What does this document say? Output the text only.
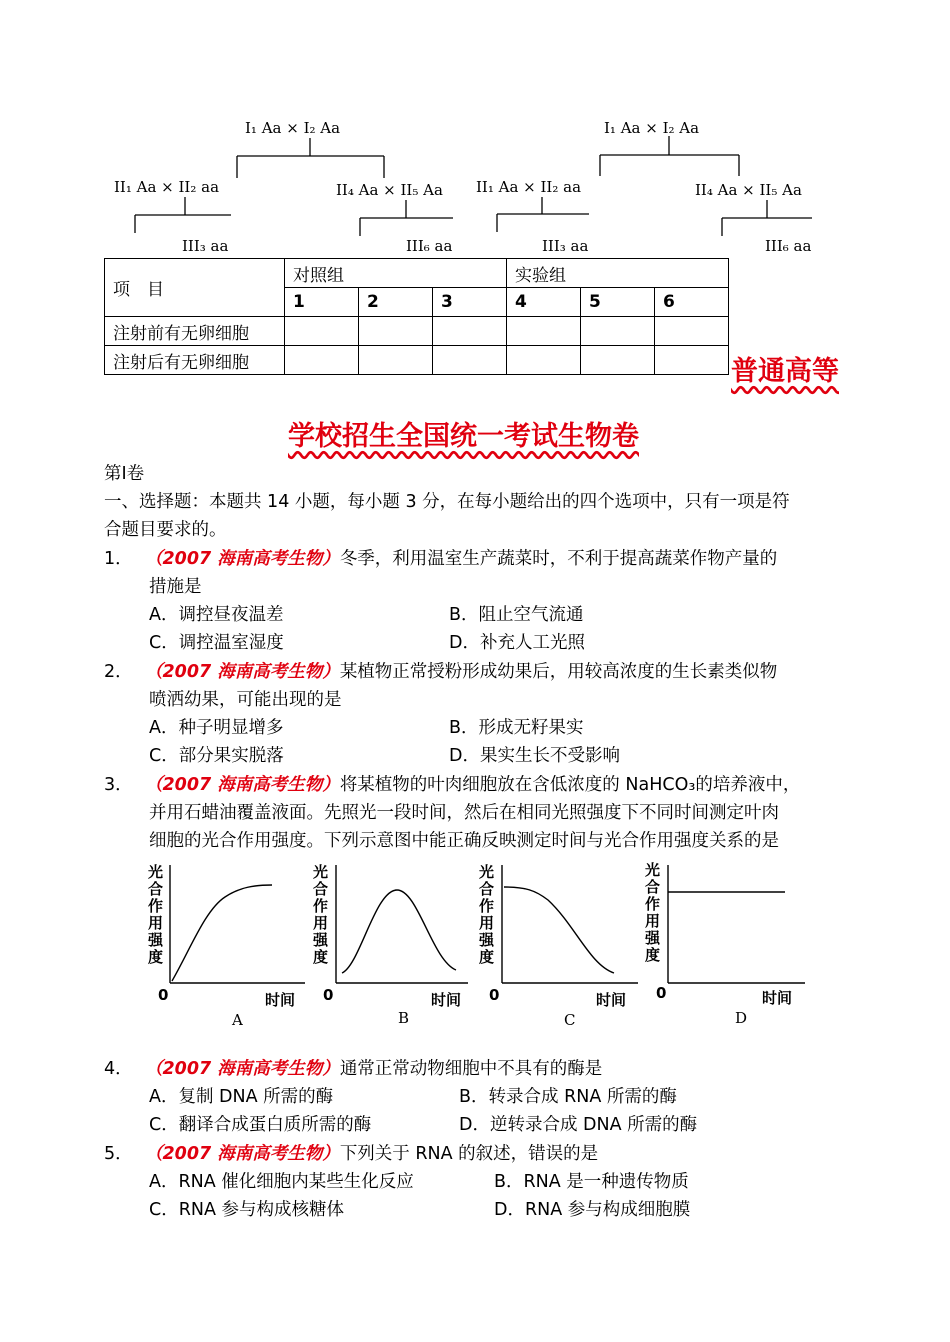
I₁ Aa × I₂ Aa
II₁ Aa × II₂ aa	II₄ Aa × II₅ Aa
III₃ aa	III₆ aa
I₁ Aa × I₂ Aa
II₁ Aa × II₂ aa	II₄ Aa × II₅ Aa
III₃ aa	III₆ aa
项　目	对照组			实验组		
	1	2	3	4	5	6
注射前有无卵细胞						
注射后有无卵细胞							普通高等
学校招生全国统一考试生物卷
第Ⅰ卷
一、选择题：本题共 14 小题，每小题 3 分，在每小题给出的四个选项中，只有一项是符
合题目要求的。
1． （2007 海南高考生物）冬季，利用温室生产蔬菜时，不利于提高蔬菜作物产量的
措施是
A．调控昼夜温差	B．阻止空气流通
C．调控温室湿度	D．补充人工光照
2． （2007 海南高考生物）某植物正常授粉形成幼果后，用较高浓度的生长素类似物
喷洒幼果，可能出现的是
A．种子明显增多	B．形成无籽果实
C．部分果实脱落	D．果实生长不受影响
3． （2007 海南高考生物）将某植物的叶肉细胞放在含低浓度的 NaHCO₃的培养液中，
并用石蜡油覆盖液面。先照光一段时间，然后在相同光照强度下不同时间测定叶肉
细胞的光合作用强度。下列示意图中能正确反映测定时间与光合作用强度关系的是
光合作用强度
光合作用强度
光合作用强度
光合作用强度
0	0	0	0
时间	时间	时间	时间
A	B	C	D
4． （2007 海南高考生物）通常正常动物细胞中不具有的酶是
A．复制 DNA 所需的酶	B．转录合成 RNA 所需的酶
C．翻译合成蛋白质所需的酶	D．逆转录合成 DNA 所需的酶
5． （2007 海南高考生物）下列关于 RNA 的叙述，错误的是
A．RNA 催化细胞内某些生化反应	B．RNA 是一种遗传物质
C．RNA 参与构成核糖体	D．RNA 参与构成细胞膜
